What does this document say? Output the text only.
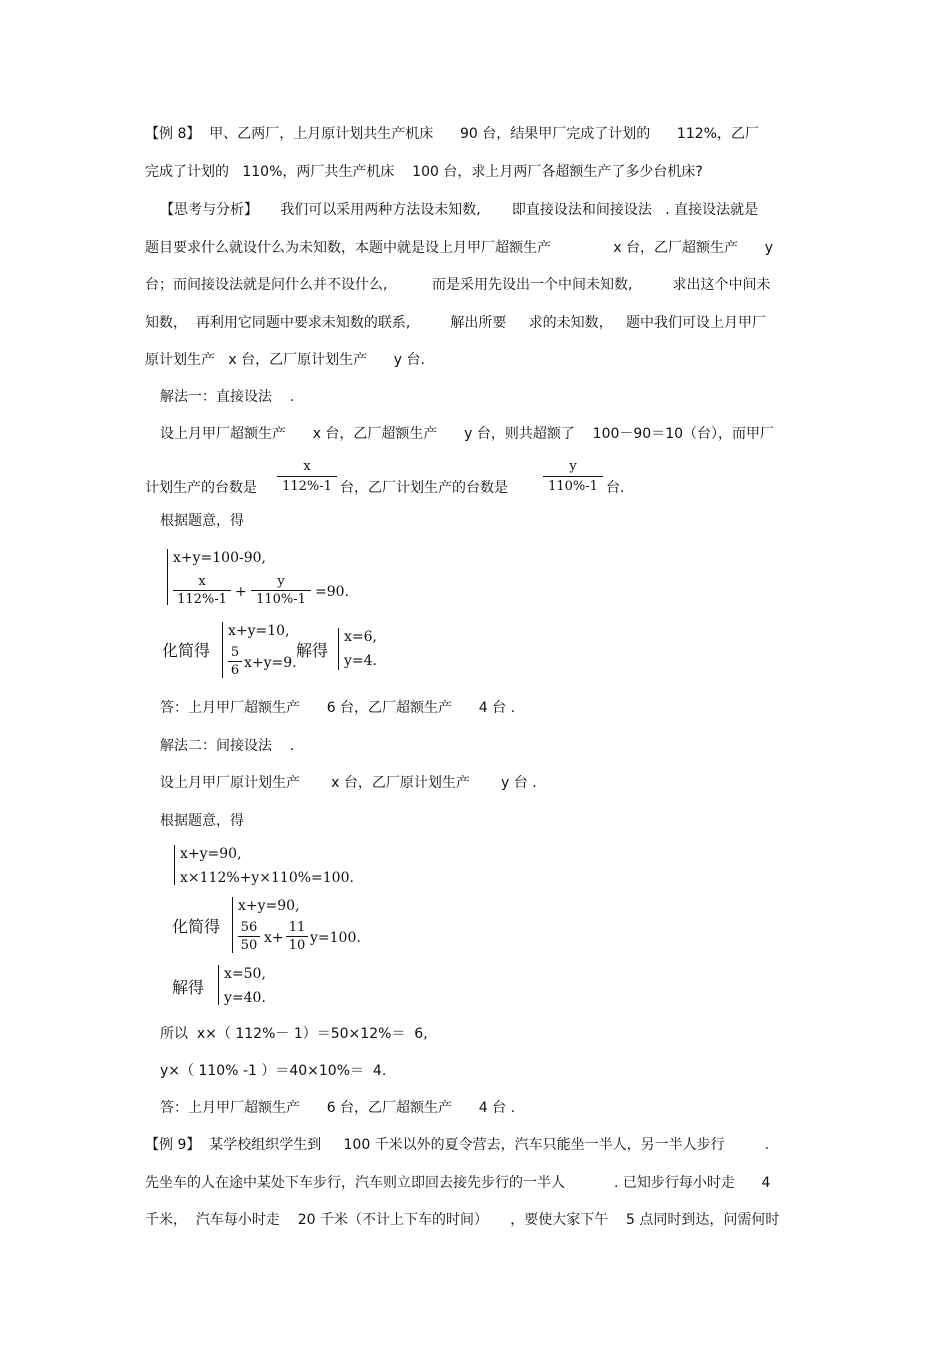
【例 8】  甲、乙两厂，上月原计划共生产机床      90 台，结果甲厂完成了计划的      112%，乙厂
完成了计划的   110%，两厂共生产机床    100 台，求上月两厂各超额生产了多少台机床?
【思考与分析】     我们可以采用两种方法设未知数,       即直接设法和间接设法   . 直接设法就是
题目要求什么就设什么为未知数，本题中就是设上月甲厂超额生产              x 台，乙厂超额生产      y
台；而间接设法就是问什么并不设什么,          而是采用先设出一个中间未知数,         求出这个中间未
知数，  再利用它同题中要求未知数的联系,         解出所要     求的未知数，   题中我们可设上月甲厂
原计划生产   x 台，乙厂原计划生产      y 台.
解法一：直接设法    .
设上月甲厂超额生产      x 台，乙厂超额生产      y 台，则共超额了    100－90＝10（台），而甲厂
计划生产的台数是
x
112%-1 台，乙厂计划生产的台数是
y
110%-1 台.
根据题意，得
x+y=100-90,
x
112%-1 +
y
110%-1 =90.
化简得
x+y=10,
5
6 x+y=9.
解得
x=6,
y=4.
答：上月甲厂超额生产      6 台，乙厂超额生产      4 台 .
解法二：间接设法    .
设上月甲厂原计划生产       x 台，乙厂原计划生产       y 台 .
根据题意，得
x+y=90,
x×112%+y×110%=100.
化简得
x+y=90,
56
50 x+
11
10 y=100.
解得
x=50,
y=40.
所以  x×（ 112%－ 1）＝50×12%＝  6,
y×（ 110% -1 ）＝40×10%＝  4.
答：上月甲厂超额生产      6 台，乙厂超额生产      4 台 .
【例 9】  某学校组织学生到     100 千米以外的夏令营去，汽车只能坐一半人，另一半人步行         .
先坐车的人在途中某处下车步行，汽车则立即回去接先步行的一半人           . 已知步行每小时走      4
千米，  汽车每小时走    20 千米（不计上下车的时间）     ，要使大家下午    5 点同时到达，问需何时
